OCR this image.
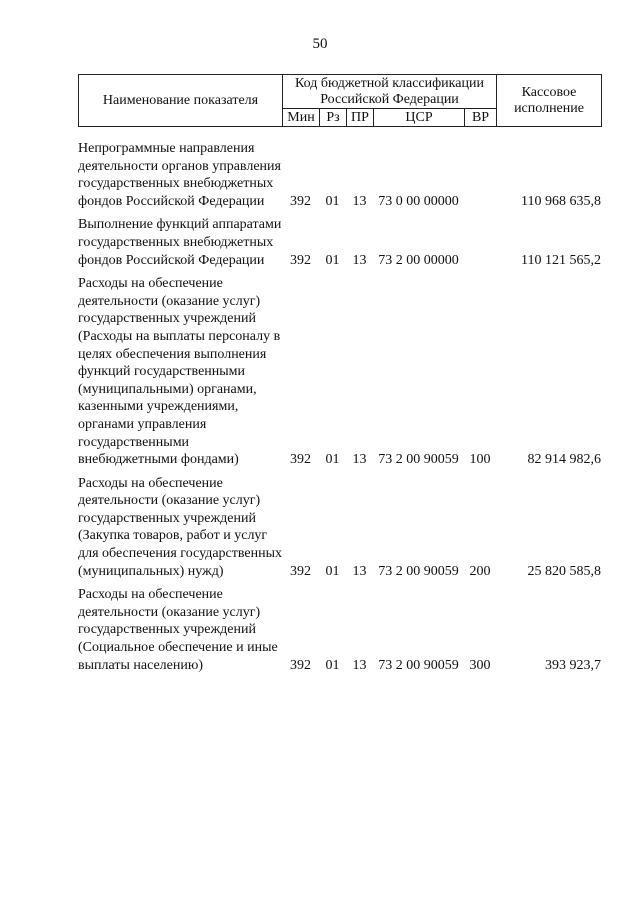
50
Наименование показателя	Код бюджетной классификации Российской Федерации					Кассовое исполнение
	Мин	Рз	ПР	ЦСР	ВР	
Непрограммные направления деятельности органов управления государственных внебюджетных фондов Российской Федерации	392	01	13	73 0 00 00000		110 968 635,8
Выполнение функций аппаратами государственных внебюджетных фондов Российской Федерации	392	01	13	73 2 00 00000		110 121 565,2
Расходы на обеспечение деятельности (оказание услуг) государственных учреждений (Расходы на выплаты персоналу в целях обеспечения выполнения функций государственными (муниципальными) органами, казенными учреждениями, органами управления государственными внебюджетными фондами)	392	01	13	73 2 00 90059	100	82 914 982,6
Расходы на обеспечение деятельности (оказание услуг) государственных учреждений (Закупка товаров, работ и услуг для обеспечения государственных (муниципальных) нужд)	392	01	13	73 2 00 90059	200	25 820 585,8
Расходы на обеспечение деятельности (оказание услуг) государственных учреждений (Социальное обеспечение и иные выплаты населению)	392	01	13	73 2 00 90059	300	393 923,7
